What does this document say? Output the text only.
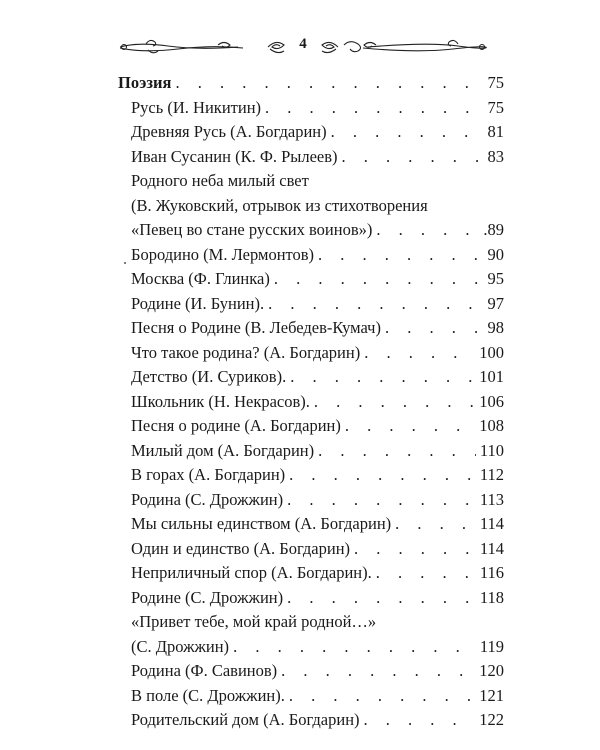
4
Поэзия . . .	75
Русь (И. Никитин) . . .	75
Древняя Русь (А. Богдарин) . . .	81
Иван Сусанин (К. Ф. Рылеев) . . .	83
Родного неба милый свет
(В. Жуковский, отрывок из стихотворения
«Певец во стане русских воинов») . . .	.89
Бородино (М. Лермонтов) . . .	90
Москва (Ф. Глинка) . . .	95
Родине (И. Бунин). . . .	97
Песня о Родине (В. Лебедев-Кумач) . . .	98
Что такое родина? (А. Богдарин) . . .	100
Детство (И. Суриков). . . .	101
Школьник (Н. Некрасов). . . .	106
Песня о родине (А. Богдарин) . . .	108
Милый дом (А. Богдарин) . . .	110
В горах (А. Богдарин) . . .	112
Родина (С. Дрожжин) . . .	113
Мы сильны единством (А. Богдарин) . . .	114
Один и единство (А. Богдарин) . . .	114
Неприличный спор (А. Богдарин). . . .	116
Родине (С. Дрожжин) . . .	118
«Привет тебе, мой край родной…»
(С. Дрожжин) . . .	119
Родина (Ф. Савинов) . . .	120
В поле (С. Дрожжин). . . .	121
Родительский дом (А. Богдарин) . . .	122
